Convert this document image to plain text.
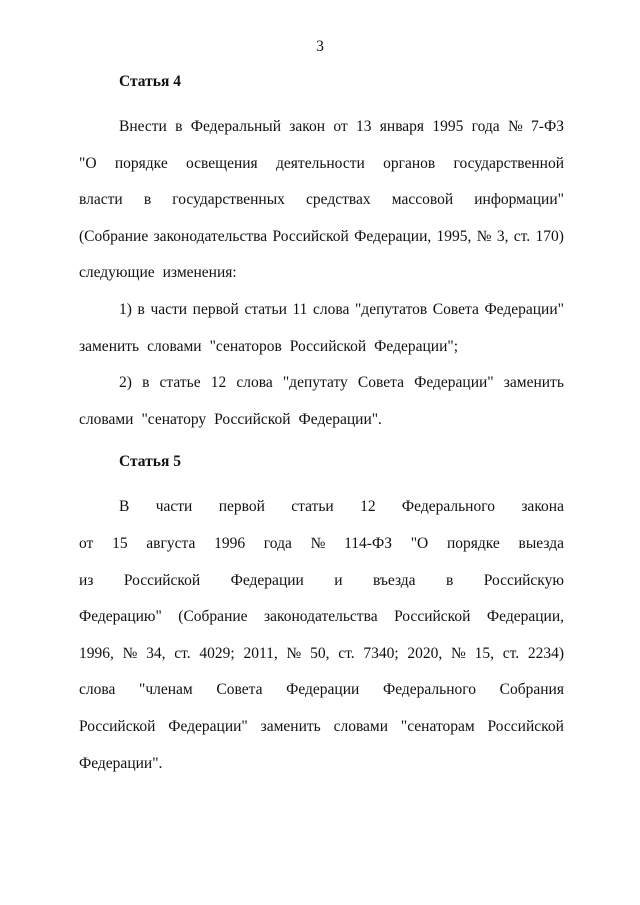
3
Статья 4
Внести в Федеральный закон от 13 января 1995 года № 7-ФЗ
"О порядке освещения деятельности органов государственной
власти в государственных средствах массовой информации"
(Собрание законодательства Российской Федерации, 1995, № 3, ст. 170)
следующие изменения:
1) в части первой статьи 11 слова "депутатов Совета Федерации"
заменить словами "сенаторов Российской Федерации";
2) в статье 12 слова "депутату Совета Федерации" заменить
словами "сенатору Российской Федерации".
Статья 5
В части первой статьи 12 Федерального закона
от 15 августа 1996 года № 114-ФЗ "О порядке выезда
из Российской Федерации и въезда в Российскую
Федерацию" (Собрание законодательства Российской Федерации,
1996, № 34, ст. 4029; 2011, № 50, ст. 7340; 2020, № 15, ст. 2234)
слова "членам Совета Федерации Федерального Собрания
Российской Федерации" заменить словами "сенаторам Российской
Федерации".
